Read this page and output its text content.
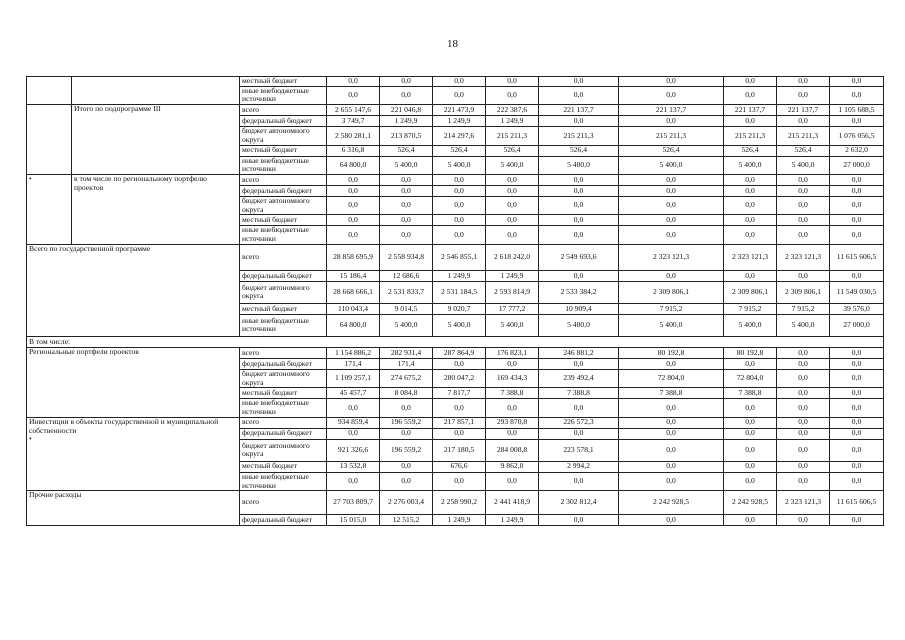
18
		местный бюджет	0,0	0,0	0,0	0,0	0,0	0,0	0,0	0,0	0,0
		иные внебюджетные источники	0,0	0,0	0,0	0,0	0,0	0,0	0,0	0,0	0,0
	Итого по подпрограмме III	всего	2 655 147,6	221 046,8	221 473,9	222 387,6	221 137,7	221 137,7	221 137,7	221 137,7	1 105 688,5
		федеральный бюджет	3 749,7	1 249,9	1 249,9	1 249,9	0,0	0,0	0,0	0,0	0,0
		бюджет автономного округа	2 580 281,1	213 870,5	214 297,6	215 211,3	215 211,3	215 211,3	215 211,3	215 211,3	1 076 056,5
		местный бюджет	6 316,8	526,4	526,4	526,4	526,4	526,4	526,4	526,4	2 632,0
		иные внебюджетные источники	64 800,0	5 400,0	5 400,0	5 400,0	5 400,0	5 400,0	5 400,0	5 400,0	27 000,0
•	в том числе по региональному портфелю проектов	всего	0,0	0,0	0,0	0,0	0,0	0,0	0,0	0,0	0,0
		федеральный бюджет	0,0	0,0	0,0	0,0	0,0	0,0	0,0	0,0	0,0
		бюджет автономного округа	0,0	0,0	0,0	0,0	0,0	0,0	0,0	0,0	0,0
		местный бюджет	0,0	0,0	0,0	0,0	0,0	0,0	0,0	0,0	0,0
		иные внебюджетные источники	0,0	0,0	0,0	0,0	0,0	0,0	0,0	0,0	0,0
Всего по государственной программе		всего	28 858 695,9	2 558 934,8	2 546 855,1	2 618 242,0	2 549 693,6	2 323 121,3	2 323 121,3	2 323 121,3	11 615 606,5
		федеральный бюджет	15 186,4	12 686,6	1 249,9	1 249,9	0,0	0,0	0,0	0,0	0,0
		бюджет автономного округа	28 668 666,1	2 531 833,7	2 531 184,5	2 593 814,9	2 533 384,2	2 309 806,1	2 309 806,1	2 309 806,1	11 549 030,5
		местный бюджет	110 043,4	9 014,5	9 020,7	17 777,2	10 909,4	7 915,2	7 915,2	7 915,2	39 576,0
		иные внебюджетные источники	64 800,0	5 400,0	5 400,0	5 400,0	5 400,0	5 400,0	5 400,0	5 400,0	27 000,0
В том числе:											
Региональные портфели проектов		всего	1 154 886,2	282 931,4	287 864,9	176 823,1	246 881,2	80 192,8	80 192,8	0,0	0,0
		федеральный бюджет	171,4	171,4	0,0	0,0	0,0	0,0	0,0	0,0	0,0
		бюджет автономного округа	1 109 257,1	274 675,2	280 047,2	169 434,3	239 492,4	72 804,0	72 804,0	0,0	0,0
		местный бюджет	45 457,7	8 084,8	7 817,7	7 388,8	7 388,8	7 388,8	7 388,8	0,0	0,0
		иные внебюджетные источники	0,0	0,0	0,0	0,0	0,0	0,0	0,0	0,0	0,0
Инвестиции в объекты государственной и муниципальной собственности
•		всего	934 859,4	196 559,2	217 857,1	293 870,8	226 572,3	0,0	0,0	0,0	0,0
		федеральный бюджет	0,0	0,0	0,0	0,0	0,0	0,0	0,0	0,0	0,0
		бюджет автономного округа	921 326,6	196 559,2	217 180,5	284 008,8	223 578,1	0,0	0,0	0,0	0,0
		местный бюджет	13 532,8	0,0	676,6	9 862,0	2 994,2	0,0	0,0	0,0	0,0
		иные внебюджетные источники	0,0	0,0	0,0	0,0	0,0	0,0	0,0	0,0	0,0
Прочие расходы		всего	27 703 809,7	2 276 003,4	2 258 990,2	2 441 418,9	2 302 812,4	2 242 928,5	2 242 928,5	2 323 121,3	11 615 606,5
		федеральный бюджет	15 015,0	12 515,2	1 249,9	1 249,9	0,0	0,0	0,0	0,0	0,0
